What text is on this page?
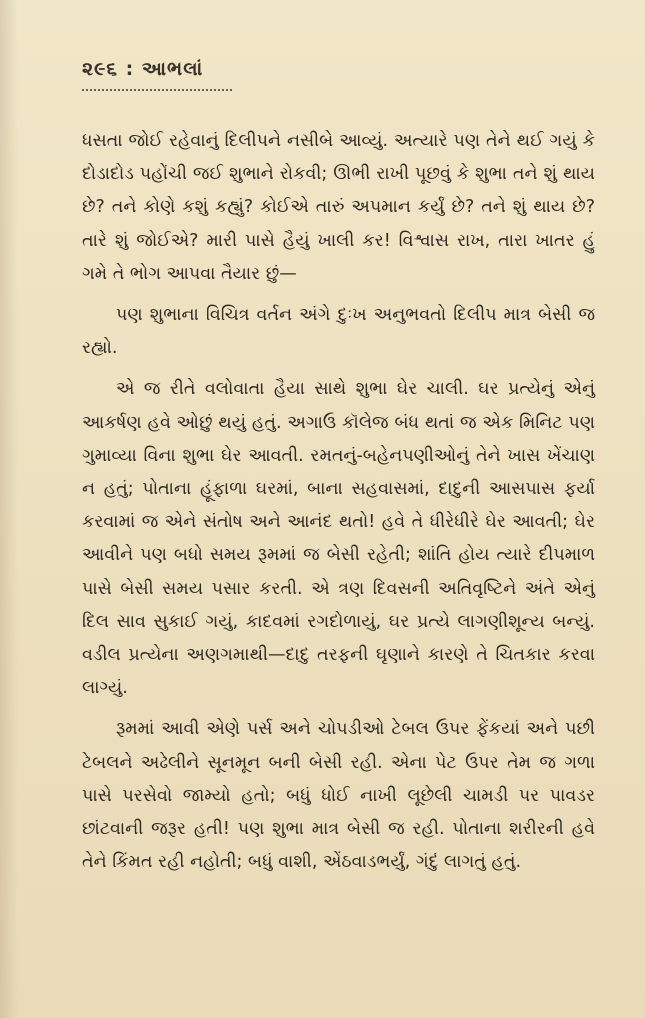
૨૯૬ : આભલાં

ધસતા જોઈ રહેવાનું દિલીપને નસીબે આવ્યું. અત્યારે પણ તેને થઈ ગયું કે દોડાદોડ પહોંચી જઈ શુભાને રોકવી; ઊભી રાખી પૂછવું કે શુભા તને શું થાય છે? તને કોણે કશું કહ્યું? કોઈએ તારું અપમાન કર્યું છે? તને શું થાય છે? તારે શું જોઈએ? મારી પાસે હૈયું ખાલી કર! વિશ્વાસ રાખ, તારા ખાતર હું ગમે તે ભોગ આપવા તૈયાર છું—

પણ શુભાના વિચિત્ર વર્તન અંગે દુઃખ અનુભવતો દિલીપ માત્ર બેસી જ રહ્યો.

એ જ રીતે વલોવાતા હૈયા સાથે શુભા ઘેર ચાલી. ઘર પ્રત્યેનું એનું આકર્ષણ હવે ઓછું થયું હતું. અગાઉ કૉલેજ બંધ થતાં જ એક મિનિટ પણ ગુમાવ્યા વિના શુભા ઘેર આવતી. રમતનું-બહેનપણીઓનું તેને ખાસ ખેંચાણ ન હતું; પોતાના હૂંફાળા ઘરમાં, બાના સહવાસમાં, દાદુની આસપાસ ફર્યા કરવામાં જ એને સંતોષ અને આનંદ થતો! હવે તે ધીરેધીરે ઘેર આવતી; ઘેર આવીને પણ બધો સમય રૂમમાં જ બેસી રહેતી; શાંતિ હોય ત્યારે દીપમાળ પાસે બેસી સમય પસાર કરતી. એ ત્રણ દિવસની અતિવૃષ્ટિને અંતે એનું દિલ સાવ સુકાઈ ગયું, કાદવમાં રગદોળાયું, ઘર પ્રત્યે લાગણીશૂન્ય બન્યું. વડીલ પ્રત્યેના અણગમાથી—દાદુ તરફની ઘૃણાને કારણે તે ચિતકાર કરવા લાગ્યું.

રૂમમાં આવી એણે પર્સ અને ચોપડીઓ ટેબલ ઉપર ફેંકયાં અને પછી ટેબલને અઢેલીને સૂનમૂન બની બેસી રહી. એના પેટ ઉપર તેમ જ ગળા પાસે પરસેવો જામ્યો હતો; બધું ધોઈ નાખી લૂછેલી ચામડી પર પાવડર છાંટવાની જરૂર હતી! પણ શુભા માત્ર બેસી જ રહી. પોતાના શરીરની હવે તેને કિંમત રહી નહોતી; બધું વાશી, એંઠવાડભર્યું, ગંદું લાગતું હતું.
